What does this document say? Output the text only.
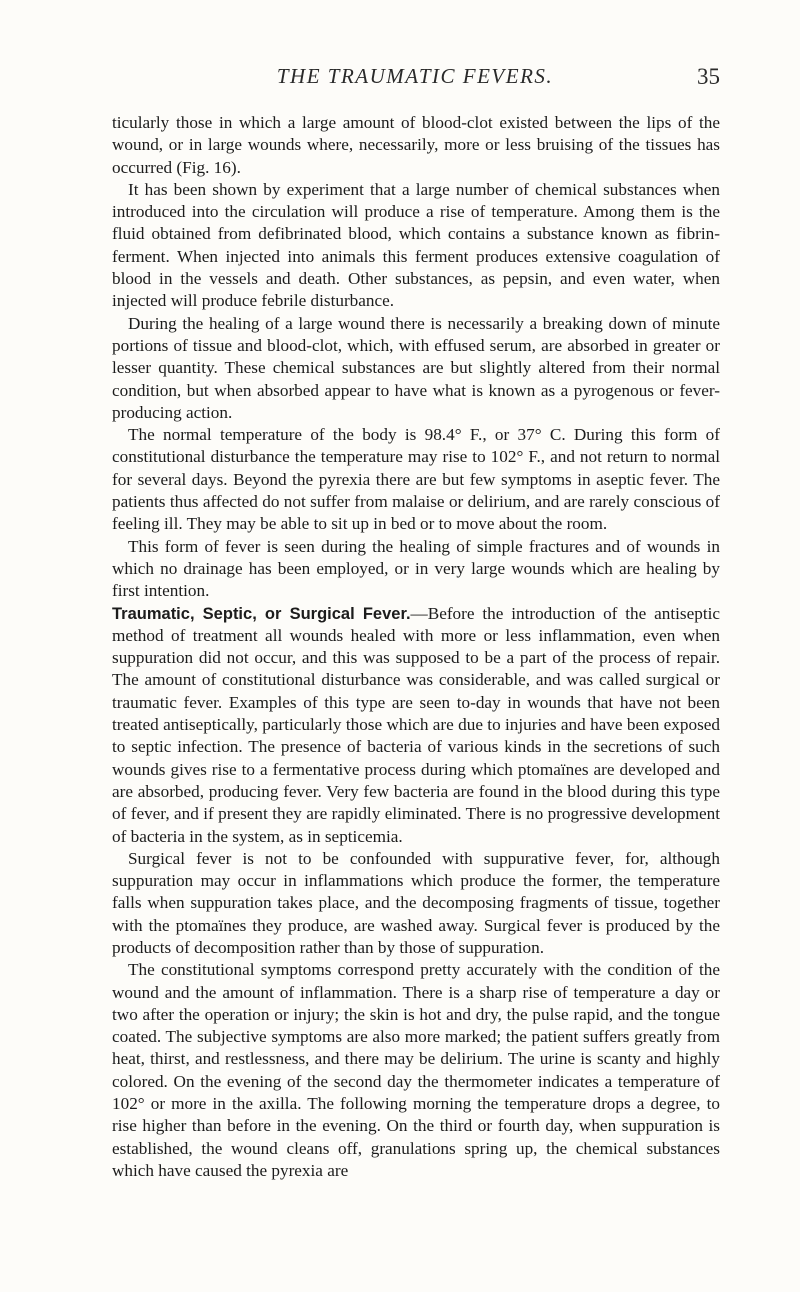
THE TRAUMATIC FEVERS.	35

ticularly those in which a large amount of blood-clot existed between the lips of the wound, or in large wounds where, necessarily, more or less bruising of the tissues has occurred (Fig. 16).

It has been shown by experiment that a large number of chemical substances when introduced into the circulation will produce a rise of temperature. Among them is the fluid obtained from defibrinated blood, which contains a substance known as fibrin-ferment. When injected into animals this ferment produces extensive coagulation of blood in the vessels and death. Other substances, as pepsin, and even water, when injected will produce febrile disturbance.

During the healing of a large wound there is necessarily a breaking down of minute portions of tissue and blood-clot, which, with effused serum, are absorbed in greater or lesser quantity. These chemical substances are but slightly altered from their normal condition, but when absorbed appear to have what is known as a pyrogenous or fever-producing action.

The normal temperature of the body is 98.4° F., or 37° C. During this form of constitutional disturbance the temperature may rise to 102° F., and not return to normal for several days. Beyond the pyrexia there are but few symptoms in aseptic fever. The patients thus affected do not suffer from malaise or delirium, and are rarely conscious of feeling ill. They may be able to sit up in bed or to move about the room.

This form of fever is seen during the healing of simple fractures and of wounds in which no drainage has been employed, or in very large wounds which are healing by first intention.

Traumatic, Septic, or Surgical Fever.—Before the introduction of the antiseptic method of treatment all wounds healed with more or less inflammation, even when suppuration did not occur, and this was supposed to be a part of the process of repair. The amount of constitutional disturbance was considerable, and was called surgical or traumatic fever. Examples of this type are seen to-day in wounds that have not been treated antiseptically, particularly those which are due to injuries and have been exposed to septic infection. The presence of bacteria of various kinds in the secretions of such wounds gives rise to a fermentative process during which ptomaïnes are developed and are absorbed, producing fever. Very few bacteria are found in the blood during this type of fever, and if present they are rapidly eliminated. There is no progressive development of bacteria in the system, as in septicemia.

Surgical fever is not to be confounded with suppurative fever, for, although suppuration may occur in inflammations which produce the former, the temperature falls when suppuration takes place, and the decomposing fragments of tissue, together with the ptomaïnes they produce, are washed away. Surgical fever is produced by the products of decomposition rather than by those of suppuration.

The constitutional symptoms correspond pretty accurately with the condition of the wound and the amount of inflammation. There is a sharp rise of temperature a day or two after the operation or injury; the skin is hot and dry, the pulse rapid, and the tongue coated. The subjective symptoms are also more marked; the patient suffers greatly from heat, thirst, and restlessness, and there may be delirium. The urine is scanty and highly colored. On the evening of the second day the thermometer indicates a temperature of 102° or more in the axilla. The following morning the temperature drops a degree, to rise higher than before in the evening. On the third or fourth day, when suppuration is established, the wound cleans off, granulations spring up, the chemical substances which have caused the pyrexia are
